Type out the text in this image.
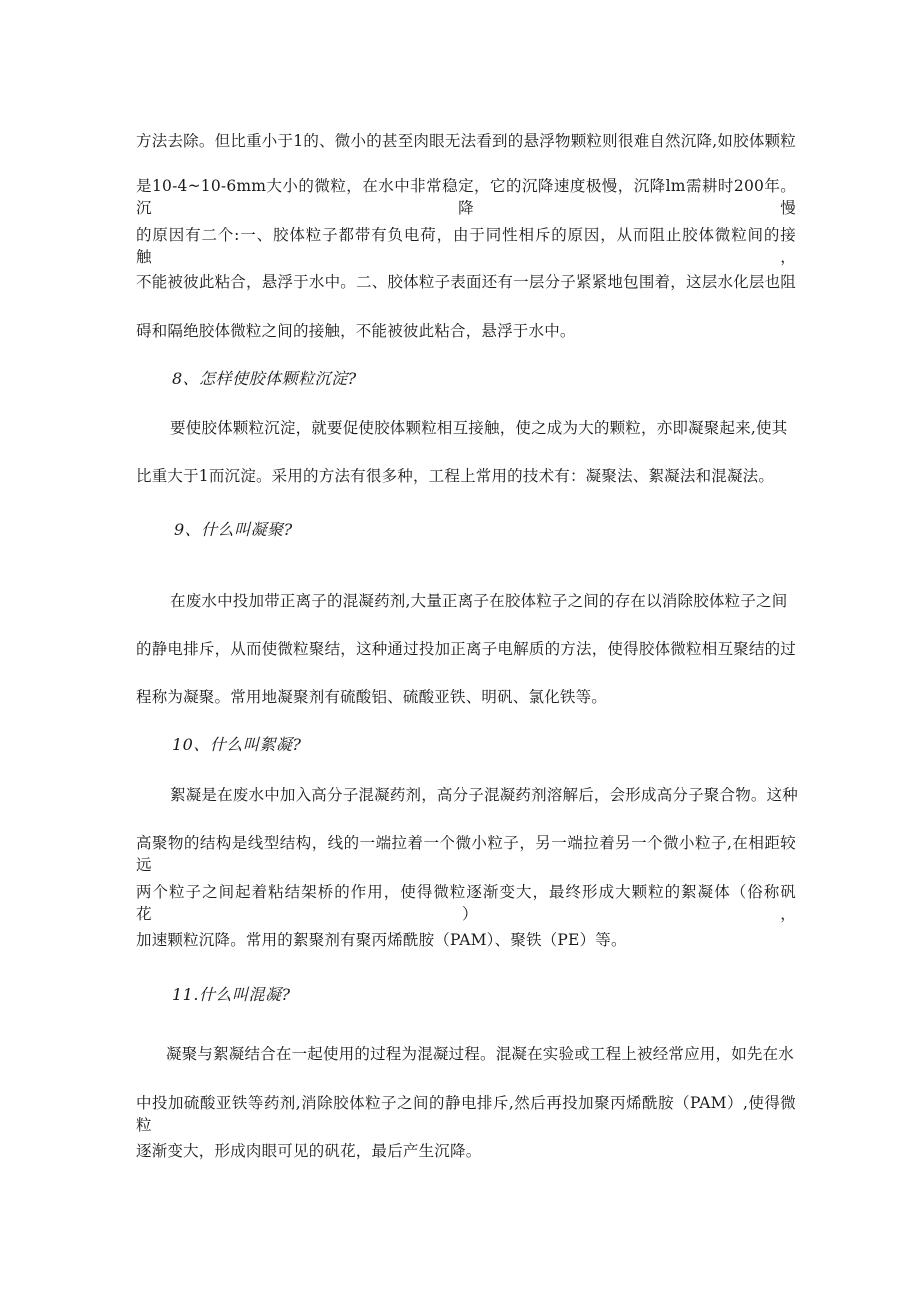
方法去除。但比重小于1的、微小的甚至肉眼无法看到的悬浮物颗粒则很难自然沉降,如胶体颗粒
是10-4~10-6mm大小的微粒，在水中非常稳定，它的沉降速度极慢，沉降lm需耕时200年。沉降慢
的原因有二个:一、胶体粒子都带有负电荷，由于同性相斥的原因，从而阻止胶体微粒间的接触，
不能被彼此粘合，悬浮于水中。二、胶体粒子表面还有一层分子紧紧地包围着，这层水化层也阻
碍和隔绝胶体微粒之间的接触，不能被彼此粘合，悬浮于水中。
8、怎样使胶体颗粒沉淀?
要使胶体颗粒沉淀，就要促使胶体颗粒相互接触，使之成为大的颗粒，亦即凝聚起来,使其
比重大于1而沉淀。采用的方法有很多种，工程上常用的技术有：凝聚法、絮凝法和混凝法。
9、什么叫凝聚?
在废水中投加带正离子的混凝药剂,大量正离子在胶体粒子之间的存在以消除胶体粒子之间
的静电排斥，从而使微粒聚结，这种通过投加正离子电解质的方法，使得胶体微粒相互聚结的过
程称为凝聚。常用地凝聚剂有硫酸铝、硫酸亚铁、明矾、氯化铁等。
10、什么叫絮凝?
絮凝是在废水中加入高分子混凝药剂，高分子混凝药剂溶解后，会形成高分子聚合物。这种
高聚物的结构是线型结构，线的一端拉着一个微小粒子，另一端拉着另一个微小粒子,在相距较远
两个粒子之间起着粘结架桥的作用，使得微粒逐渐变大，最终形成大颗粒的絮凝体（俗称矾花），
加速颗粒沉降。常用的絮聚剂有聚丙烯酰胺（PAM）、聚铁（PE）等。
11.什么叫混凝?
凝聚与絮凝结合在一起使用的过程为混凝过程。混凝在实验或工程上被经常应用，如先在水
中投加硫酸亚铁等药剂,消除胶体粒子之间的静电排斥,然后再投加聚丙烯酰胺（PAM）,使得微粒
逐渐变大，形成肉眼可见的矾花，最后产生沉降。
